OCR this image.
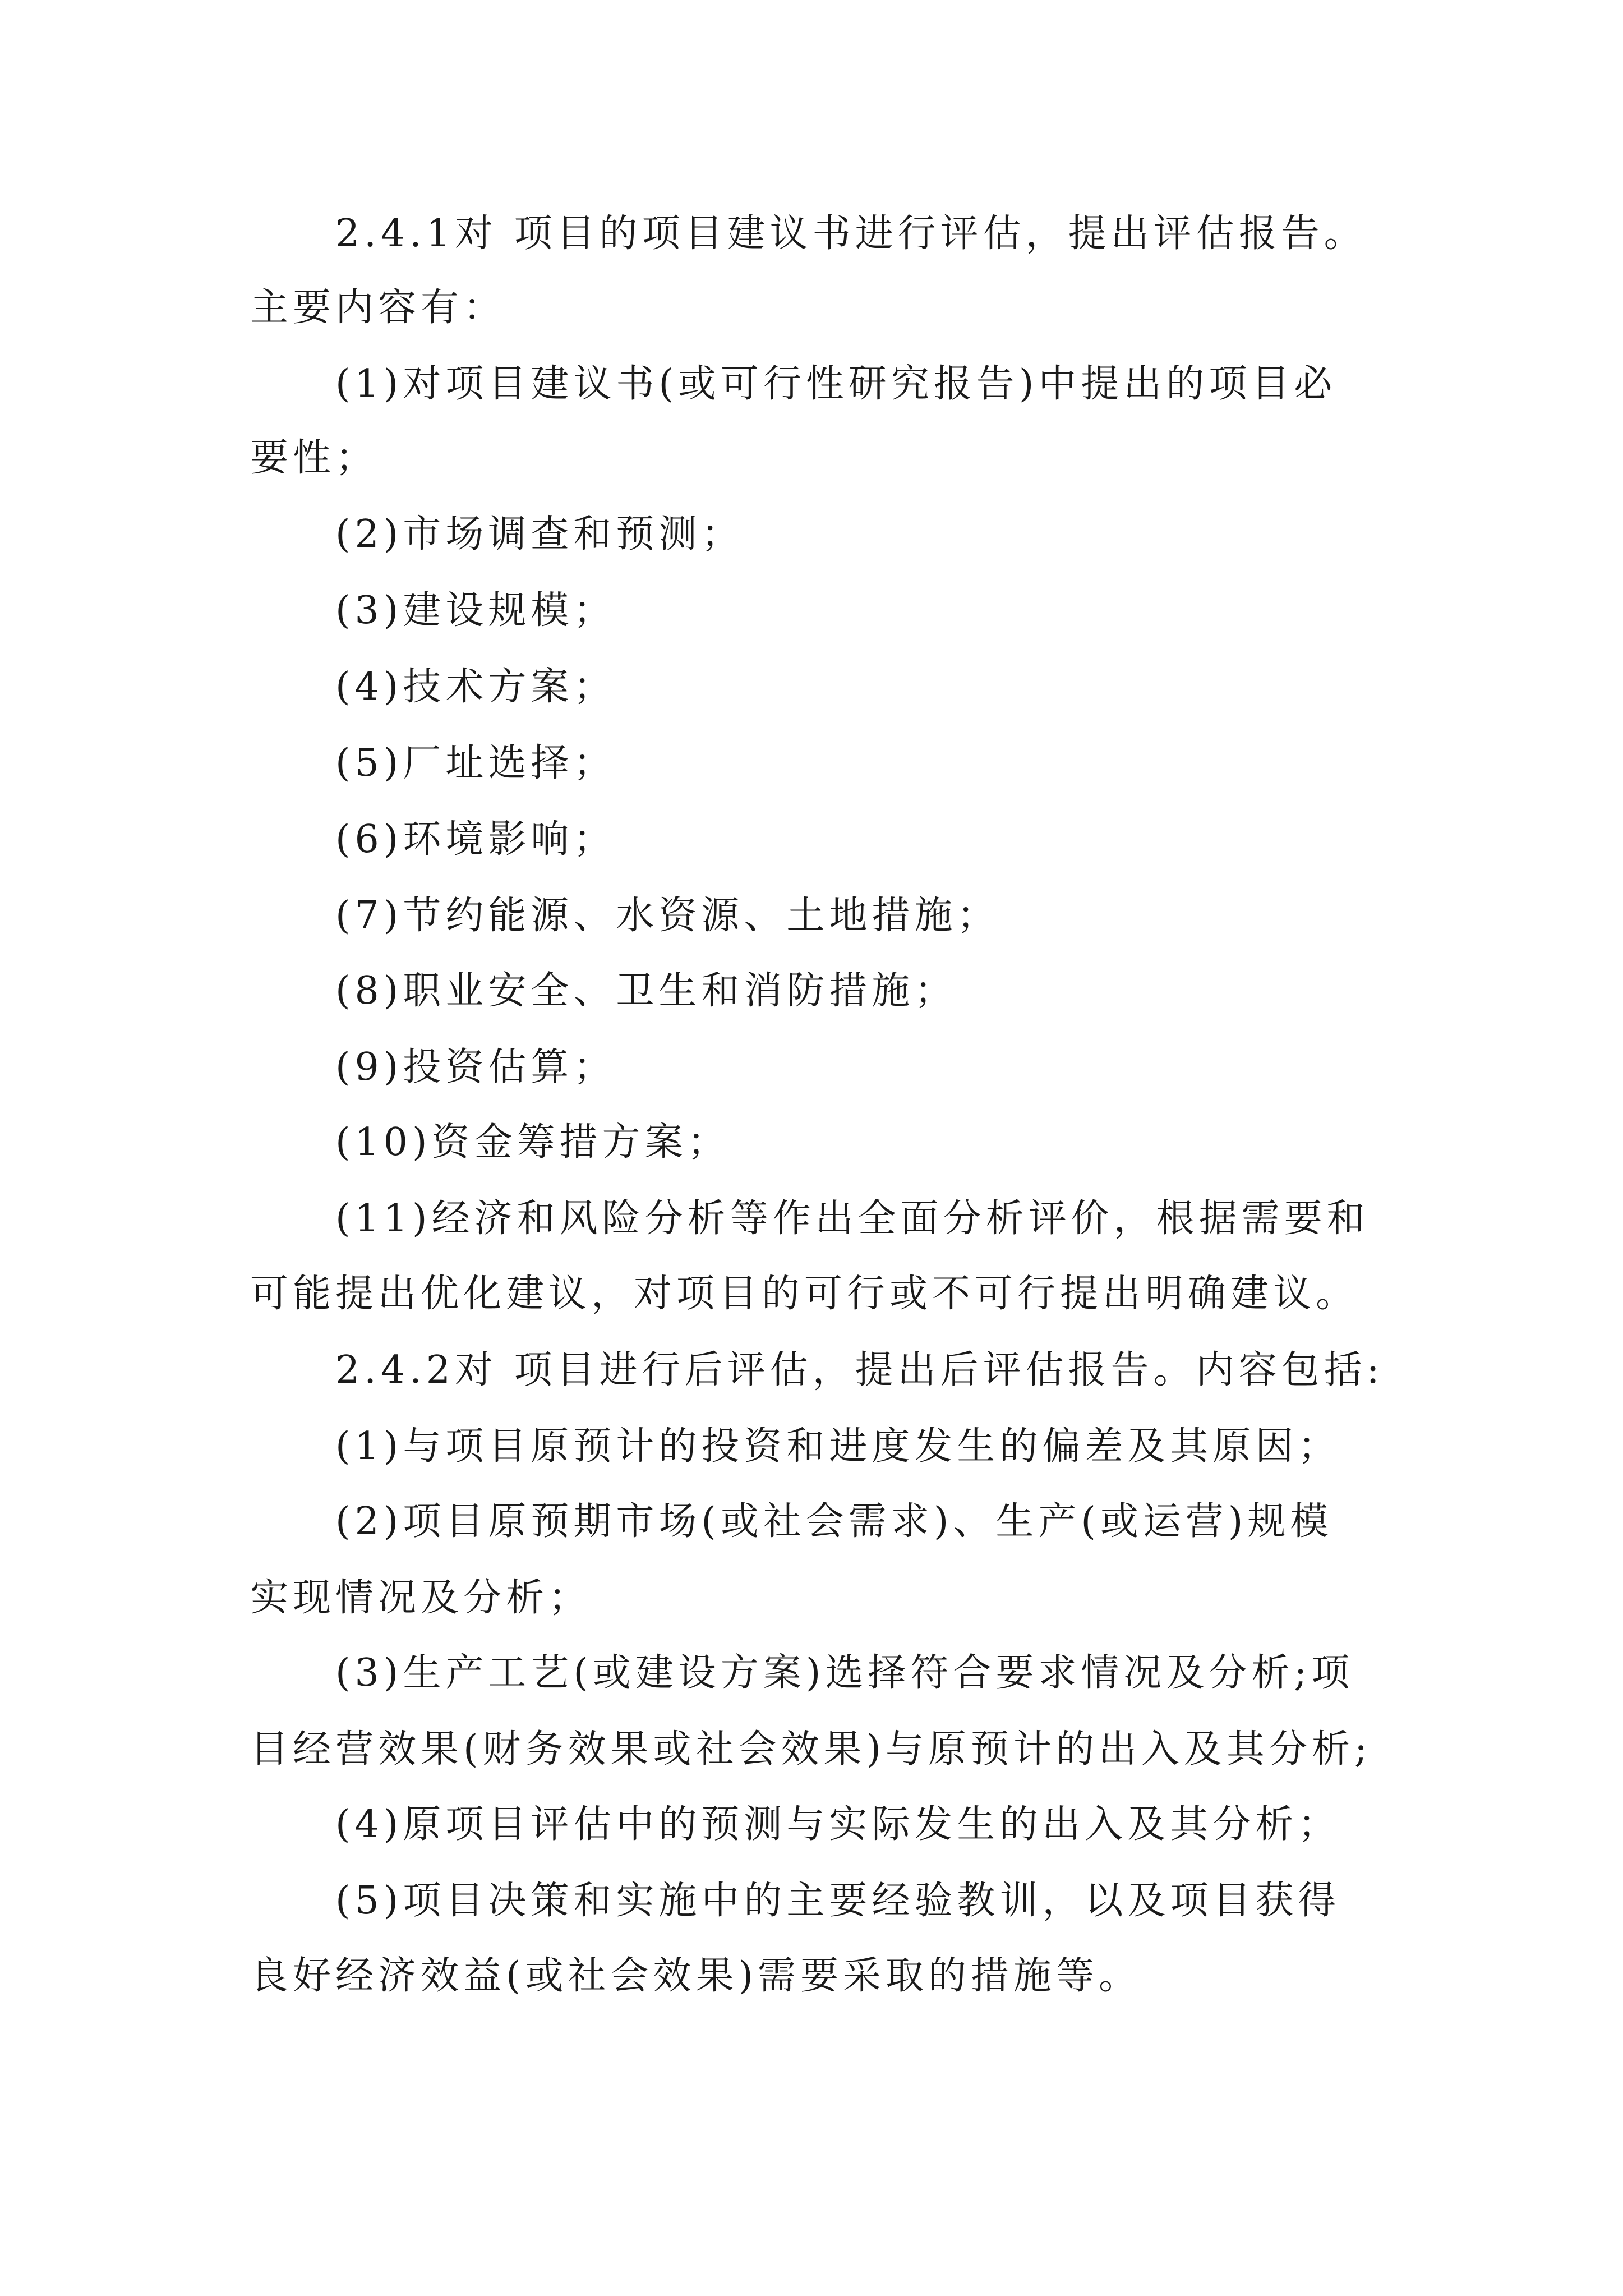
2.4.1对 项目的项目建议书进行评估，提出评估报告。
主要内容有：
(1)对项目建议书(或可行性研究报告)中提出的项目必
要性；
(2)市场调查和预测；
(3)建设规模；
(4)技术方案；
(5)厂址选择；
(6)环境影响；
(7)节约能源、水资源、土地措施；
(8)职业安全、卫生和消防措施；
(9)投资估算；
(10)资金筹措方案；
(11)经济和风险分析等作出全面分析评价，根据需要和
可能提出优化建议，对项目的可行或不可行提出明确建议。
2.4.2对 项目进行后评估，提出后评估报告。内容包括:
(1)与项目原预计的投资和进度发生的偏差及其原因；
(2)项目原预期市场(或社会需求)、生产(或运营)规模
实现情况及分析；
(3)生产工艺(或建设方案)选择符合要求情况及分析;项
目经营效果(财务效果或社会效果)与原预计的出入及其分析;
(4)原项目评估中的预测与实际发生的出入及其分析；
(5)项目决策和实施中的主要经验教训，以及项目获得
良好经济效益(或社会效果)需要采取的措施等。
